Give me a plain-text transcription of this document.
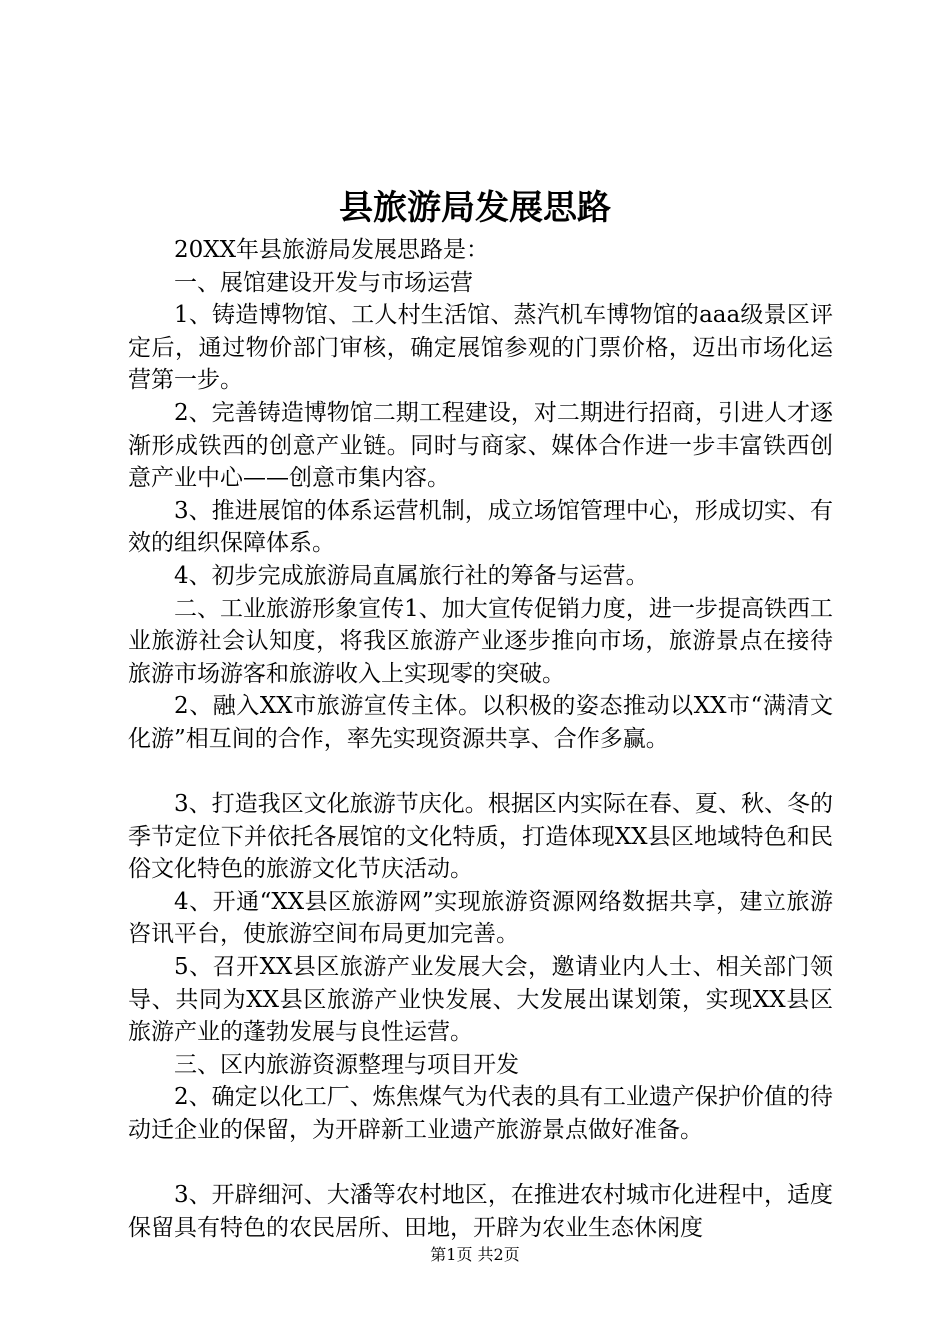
县旅游局发展思路

20XX年县旅游局发展思路是：

一、展馆建设开发与市场运营

1、铸造博物馆、工人村生活馆、蒸汽机车博物馆的aaa级景区评定后，通过物价部门审核，确定展馆参观的门票价格，迈出市场化运营第一步。

2、完善铸造博物馆二期工程建设，对二期进行招商，引进人才逐渐形成铁西的创意产业链。同时与商家、媒体合作进一步丰富铁西创意产业中心——创意市集内容。

3、推进展馆的体系运营机制，成立场馆管理中心，形成切实、有效的组织保障体系。

4、初步完成旅游局直属旅行社的筹备与运营。

二、工业旅游形象宣传1、加大宣传促销力度，进一步提高铁西工业旅游社会认知度，将我区旅游产业逐步推向市场，旅游景点在接待旅游市场游客和旅游收入上实现零的突破。

2、融入XX市旅游宣传主体。以积极的姿态推动以XX市“满清文化游”相互间的合作，率先实现资源共享、合作多赢。

3、打造我区文化旅游节庆化。根据区内实际在春、夏、秋、冬的季节定位下并依托各展馆的文化特质，打造体现XX县区地域特色和民俗文化特色的旅游文化节庆活动。

4、开通“XX县区旅游网”实现旅游资源网络数据共享，建立旅游咨讯平台，使旅游空间布局更加完善。

5、召开XX县区旅游产业发展大会，邀请业内人士、相关部门领导、共同为XX县区旅游产业快发展、大发展出谋划策，实现XX县区旅游产业的蓬勃发展与良性运营。

三、区内旅游资源整理与项目开发

2、确定以化工厂、炼焦煤气为代表的具有工业遗产保护价值的待动迁企业的保留，为开辟新工业遗产旅游景点做好准备。

3、开辟细河、大潘等农村地区，在推进农村城市化进程中，适度保留具有特色的农民居所、田地，开辟为农业生态休闲度

第1页 共2页
